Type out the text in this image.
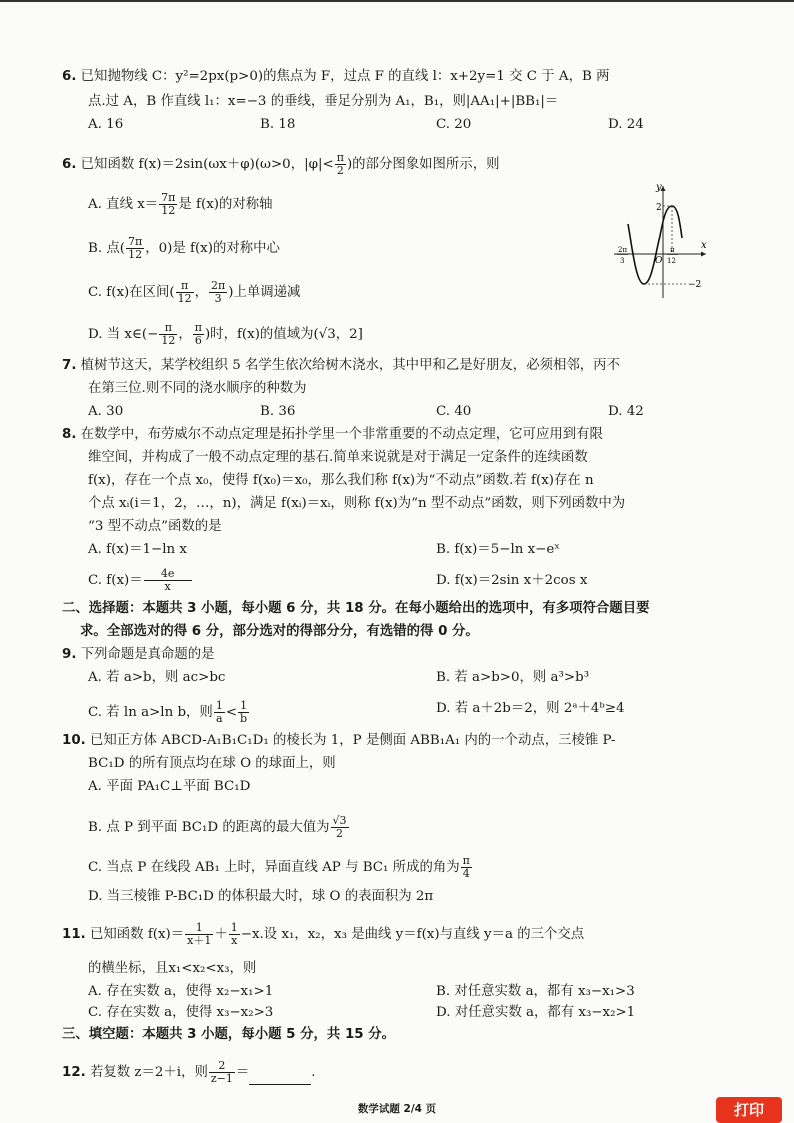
6. 已知抛物线 C：y²=2px(p>0)的焦点为 F，过点 F 的直线 l：x+2y=1 交 C 于 A，B 两
点.过 A，B 作直线 l₁：x=−3 的垂线，垂足分别为 A₁，B₁，则|AA₁|+|BB₁|＝
A. 16	B. 18	C. 20	D. 24
6. 已知函数 f(x)＝2sin(ωx＋φ)(ω>0，$|\varphi|< \frac{\pi}{2}$ )的部分图象如图所示，则
A. 直线 $x= \frac{7\pi}{12}$ 是 f(x)的对称轴
B. 点( $\frac{7\pi}{12}$ ，0)是 f(x)的对称中心
C. f(x)在区间( $\frac{\pi}{12}$ ， $\frac{2\pi}{3}$ )上单调递减
D. 当 x∈(− $\frac{\pi}{12}$ ， $\frac{\pi}{6}$ )时，f(x)的值域为(√3，2]
y
x
O
2
−2
2π
3
π
12
7. 植树节这天，某学校组织 5 名学生依次给树木浇水，其中甲和乙是好朋友，必须相邻，丙不
在第三位.则不同的浇水顺序的种数为
A. 30	B. 36	C. 40	D. 42
8. 在数学中，布劳威尔不动点定理是拓扑学里一个非常重要的不动点定理，它可应用到有限
维空间，并构成了一般不动点定理的基石.简单来说就是对于满足一定条件的连续函数
f(x)，存在一个点 x₀，使得 f(x₀)＝x₀，那么我们称 f(x)为“不动点”函数.若 f(x)存在 n
个点 xᵢ(i＝1，2，…，n)，满足 f(xᵢ)＝xᵢ，则称 f(x)为“n 型不动点”函数，则下列函数中为
“3 型不动点”函数的是
A. f(x)＝1−ln x	B. f(x)＝5−ln x−eˣ
C. $f(x)= \frac{4e}{x}$	D. f(x)＝2sin x＋2cos x
二、选择题：本题共 3 小题，每小题 6 分，共 18 分。在每小题给出的选项中，有多项符合题目要
求。全部选对的得 6 分，部分选对的得部分分，有选错的得 0 分。
9. 下列命题是真命题的是
A. 若 a>b，则 ac>bc	B. 若 a>b>0，则 a³>b³
C. 若 ln a>ln b，则 $\frac{1}{a} < \frac{1}{b}$	D. 若 a＋2b＝2，则 2ᵃ＋4ᵇ≥4
10. 已知正方体 ABCD-A₁B₁C₁D₁ 的棱长为 1，P 是侧面 ABB₁A₁ 内的一个动点，三棱锥 P-
BC₁D 的所有顶点均在球 O 的球面上，则
A. 平面 PA₁C⊥平面 BC₁D
B. 点 P 到平面 BC₁D 的距离的最大值为 $\frac{√3}{2}$
C. 当点 P 在线段 AB₁ 上时，异面直线 AP 与 BC₁ 所成的角为 $\frac{\pi}{4}$
D. 当三棱锥 P-BC₁D 的体积最大时，球 O 的表面积为 2π
11. 已知函数 $f(x)= \frac{1}{x+1} + \frac{1}{x} -x$.设 x₁，x₂，x₃ 是曲线 y＝f(x)与直线 y＝a 的三个交点
的横坐标，且x₁<x₂<x₃，则
A. 存在实数 a，使得 x₂−x₁>1	B. 对任意实数 a，都有 x₃−x₁>3
C. 存在实数 a，使得 x₃−x₂>3	D. 对任意实数 a，都有 x₃−x₂>1
三、填空题：本题共 3 小题，每小题 5 分，共 15 分。
12. 若复数 z＝2＋i，则 $\frac{2}{z-1}$ ＝	.
数学试题 2/4 页	打印
